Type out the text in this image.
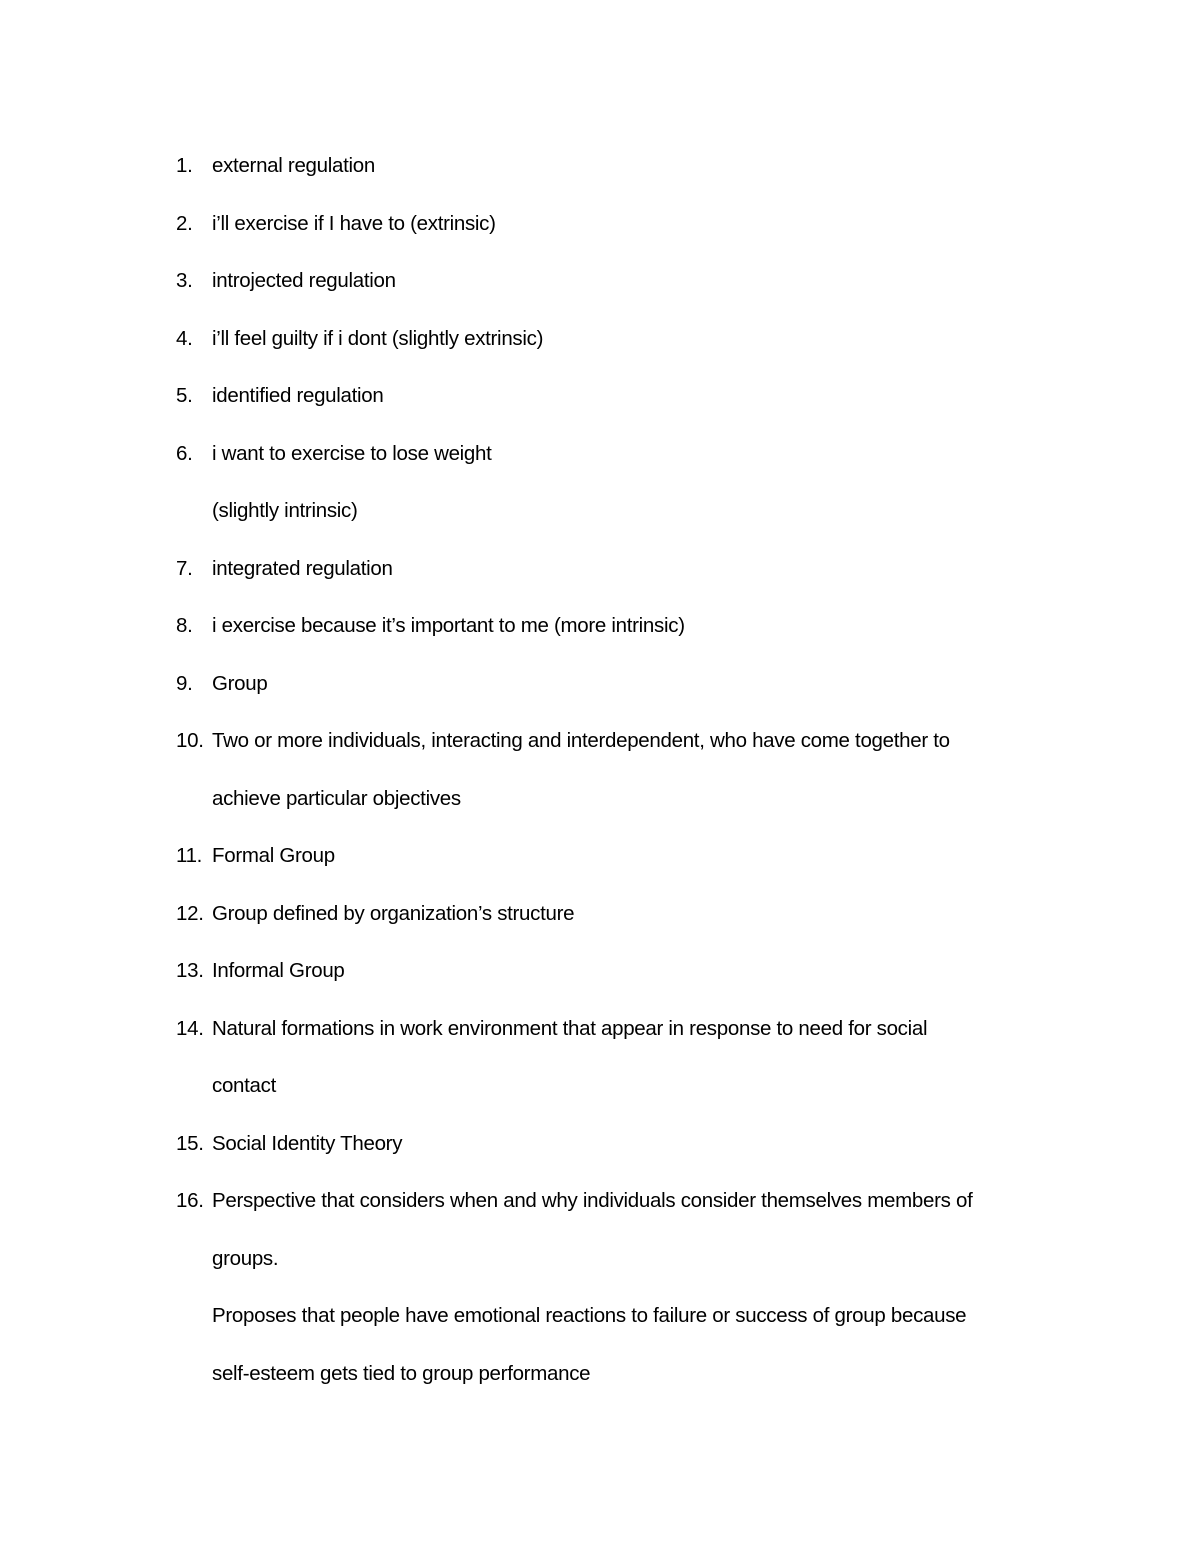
1. external regulation
2. i’ll exercise if I have to (extrinsic)
3. introjected regulation
4. i’ll feel guilty if i dont (slightly extrinsic)
5. identified regulation
6. i want to exercise to lose weight
(slightly intrinsic)
7. integrated regulation
8. i exercise because it’s important to me (more intrinsic)
9. Group
10. Two or more individuals, interacting and interdependent, who have come together to
achieve particular objectives
11. Formal Group
12. Group defined by organization’s structure
13. Informal Group
14. Natural formations in work environment that appear in response to need for social
contact
15. Social Identity Theory
16. Perspective that considers when and why individuals consider themselves members of
groups.
Proposes that people have emotional reactions to failure or success of group because
self-esteem gets tied to group performance
